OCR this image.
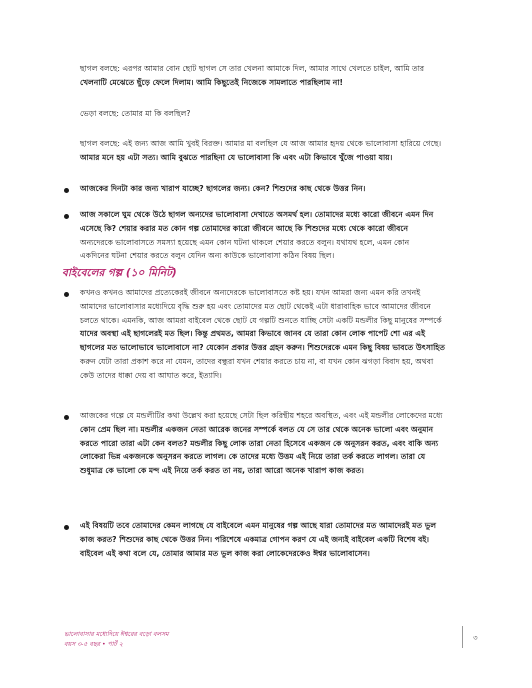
ছাগল বলছে: এরপর আমার বোন ছোট ছাগল সে তার খেলনা আমাকে দিল, আমার সাথে খেলতে চাইল, আমি তার
খেলনাটি মেঝেতে ছুঁড়ে ফেলে দিলাম। আমি কিছুতেই নিজেকে সামলাতে পারছিলাম না!

ভেড়া বলছে: তোমার মা কি বলছিল?

ছাগল বলছে: এই জন্য আজ আমি খুবই বিরক্ত। আমার মা বলছিল যে আজ আমার হৃদয় থেকে ভালোবাসা হারিয়ে গেছে।
আমার মনে হয় এটা সত্য। আমি বুঝতে পারছিনা যে ভালোবাসা কি এবং এটা কিভাবে খুঁজে পাওয়া যায়।

আজকের দিনটা কার জন্য খারাপ যাচ্ছে? ছাগলের জন্য। কেন? শিশুদের কাছ থেকে উত্তর নিন।

আজ সকালে ঘুম থেকে উঠে ছাগল অন্যদের ভালোবাসা দেখাতে অসমর্থ হল। তোমাদের মধ্যে কারো জীবনে এমন দিন
এসেছে কি? শেয়ার করার মত কোন গল্প তোমাদের কারো জীবনে আছে কি শিশুদের মধ্যে থেকে কারো জীবনে
অন্যদেরকে ভালোবাসতে সমস্যা হয়েছে এমন কোন ঘটনা থাকলে শেয়ার করতে বলুন। যথাযথ হলে, এমন কোন
একদিনের ঘটনা শেয়ার করতে বলুন যেদিন অন্য কাউকে ভালোবাসা কঠিন বিষয় ছিল।

বাইবেলের গল্প (১০ মিনিট)

কখনও কখনও আমাদের প্রত্যেকেরই জীবনে অন্যদেরকে ভালোবাসতে কষ্ট হয়। যখন আমরা জন্য এমন করি তখনই
আমাদের ভালোবাসার মধ্যেদিয়ে বৃদ্ধি শুরু হয় এবং তোমাদের মত ছোট থেকেই এটা ধারাবাহিক ভাবে আমাদের জীবনে
চলতে থাকে। এমনকি, আজ আমরা বাইবেল থেকে ছোট যে গল্পটি শুনতে যাচ্ছি সেটা একটি মন্ডলীর কিছু মানুষের সম্পর্কে
যাদের অবস্থা এই ছাগলেরই মত ছিল। কিন্তু প্রথমত, আমরা কিভাবে জানব যে তারা কোন লোক পাপেট শো এর এই
ছাগলের মত ভালোভাবে ভালোবাসে না? যেকোন প্রকার উত্তর গ্রহন করুন। শিশুদেরকে এমন কিছু বিষয় ভাবতে উৎসাহিত
করুন যেটা তারা প্রকাশ করে না যেমন, তাদের বন্ধুরা যখন শেয়ার করতে চায় না, বা যখন কোন ঝগড়া বিবাদ হয়, অথবা
কেউ তাদের ধাক্কা দেয় বা আঘাত করে, ইত্যাদি।

আজকের গল্পে যে মন্ডলীটির কথা উল্লেখ করা হয়েছে সেটা ছিল করিন্থীয় শহরে অবস্থিত, এবং এই মন্ডলীর লোকেদের মধ্যে
কোন প্রেম ছিল না। মন্ডলীর একজন নেতা আরেক জনের সম্পর্কে বলত যে সে তার থেকে অনেক ভালো এবং অনুমান
করতে পারো তারা এটা কেন বলত? মন্ডলীর কিছু লোক তারা নেতা হিসেবে একজন কে অনুসরন করত, এবং বাকি অন্য
লোকেরা ভিন্ন একজনকে অনুসরন করতে লাগল। কে তাদের মধ্যে উত্তম এই নিয়ে তারা তর্ক করতে লাগল। তারা যে
শুধুমাত্র কে ভালো কে মন্দ এই নিয়ে তর্ক করত তা নয়, তারা আরো অনেক খারাপ কাজ করত।

এই বিষয়টি তবে তোমাদের কেমন লাগছে যে বাইবেলে এমন মানুষের গল্প আছে যারা তোমাদের মত আমাদেরই মত ভুল
কাজ করত? শিশুদের কাছ থেকে উত্তর নিন। পরিশেষে একমাত্র গোপন করণ যে এই জন্যই বাইবেল একটি বিশেষ বই।
বাইবেল এই কথা বলে যে, তোমার আমার মত ভুল কাজ করা লোকেদেরকেও ঈশ্বর ভালোবাসেন।

ভালোবাসার মধ্যেদিয়ে ঈশ্বরের বড়ো বলসম
বয়স ৩-৫ বছর • পার্ট ২
৩
